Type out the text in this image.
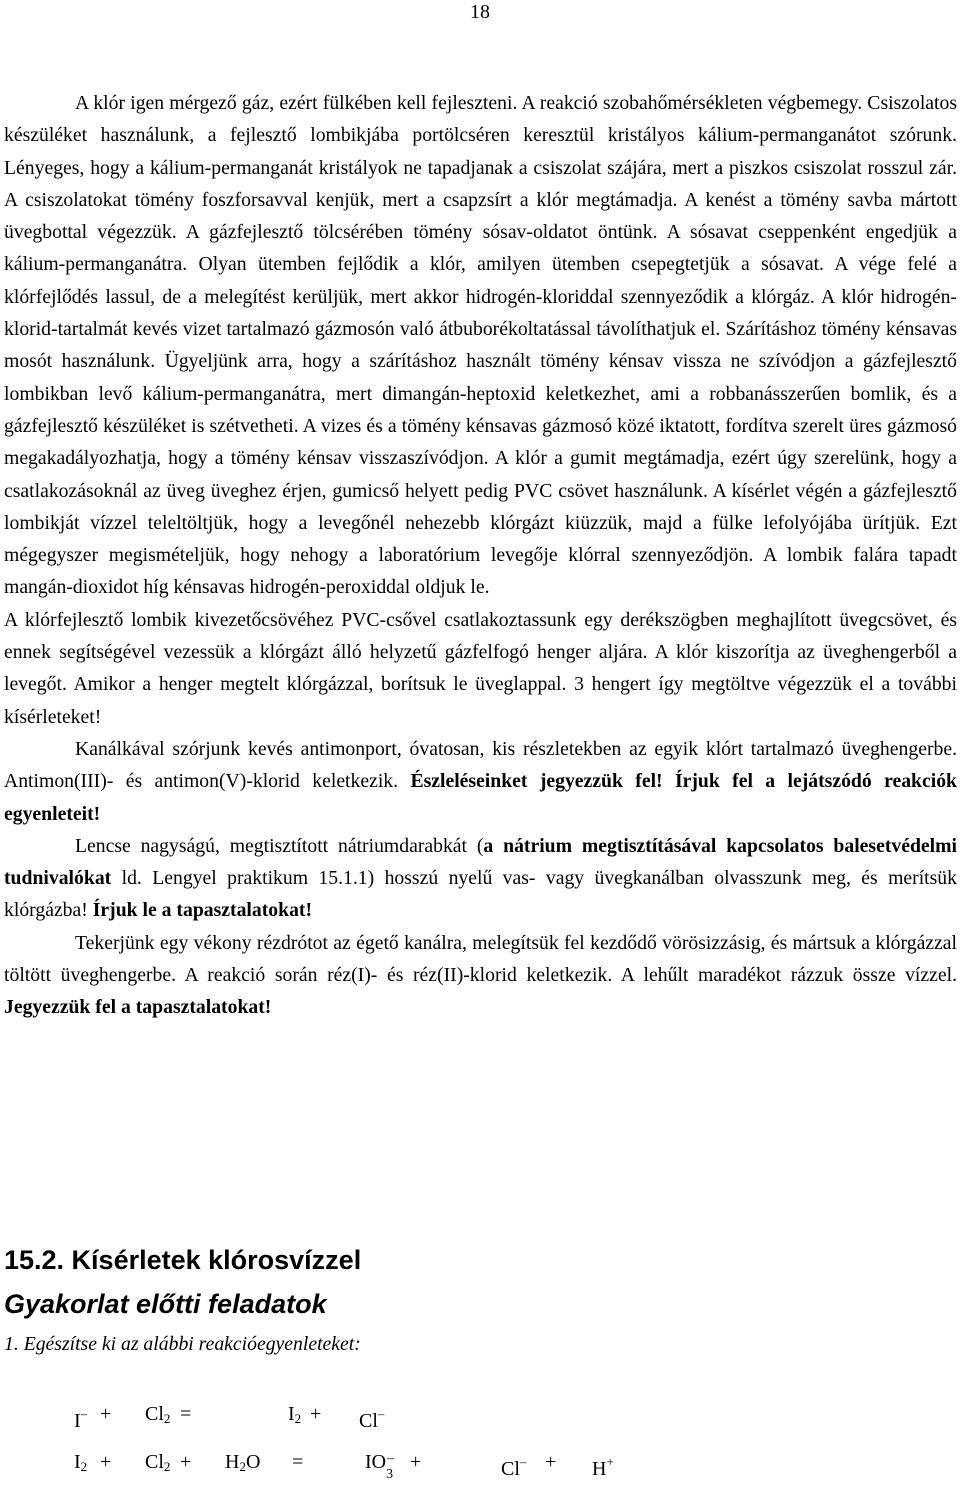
18

A klór igen mérgező gáz, ezért fülkében kell fejleszteni. A reakció szobahőmérsékleten végbemegy. Csiszolatos készüléket használunk, a fejlesztő lombikjába portölcséren keresztül kristályos kálium-permanganátot szórunk. Lényeges, hogy a kálium-permanganát kristályok ne tapadjanak a csiszolat szájára, mert a piszkos csiszolat rosszul zár. A csiszolatokat tömény foszforsavval kenjük, mert a csapzsírt a klór megtámadja. A kenést a tömény savba mártott üvegbottal végezzük. A gázfejlesztő tölcsérében tömény sósav-oldatot öntünk. A sósavat cseppenként engedjük a kálium-permanganátra. Olyan ütemben fejlődik a klór, amilyen ütemben csepegtetjük a sósavat. A vége felé a klórfejlődés lassul, de a melegítést kerüljük, mert akkor hidrogén-kloriddal szennyeződik a klórgáz. A klór hidrogén-klorid-tartalmát kevés vizet tartalmazó gázmosón való átbuborékoltatással távolíthatjuk el. Szárításhoz tömény kénsavas mosót használunk. Ügyeljünk arra, hogy a szárításhoz használt tömény kénsav vissza ne szívódjon a gázfejlesztő lombikban levő kálium-permanganátra, mert dimangán-heptoxid keletkezhet, ami a robbanásszerűen bomlik, és a gázfejlesztő készüléket is szétvetheti. A vizes és a tömény kénsavas gázmosó közé iktatott, fordítva szerelt üres gázmosó megakadályozhatja, hogy a tömény kénsav visszaszívódjon. A klór a gumit megtámadja, ezért úgy szerelünk, hogy a csatlakozásoknál az üveg üveghez érjen, gumicső helyett pedig PVC csövet használunk. A kísérlet végén a gázfejlesztő lombikját vízzel teleltöltjük, hogy a levegőnél nehezebb klórgázt kiüzzük, majd a fülke lefolyójába ürítjük. Ezt mégegyszer megismételjük, hogy nehogy a laboratórium levegője klórral szennyeződjön. A lombik falára tapadt mangán-dioxidot híg kénsavas hidrogén-peroxiddal oldjuk le.

A klórfejlesztő lombik kivezetőcsövéhez PVC-csővel csatlakoztassunk egy derékszögben meghajlított üvegcsövet, és ennek segítségével vezessük a klórgázt álló helyzetű gázfelfogó henger aljára. A klór kiszorítja az üveghengerből a levegőt. Amikor a henger megtelt klórgázzal, borítsuk le üveglappal. 3 hengert így megtöltve végezzük el a további kísérleteket!

Kanálkával szórjunk kevés antimonport, óvatosan, kis részletekben az egyik klórt tartalmazó üveghengerbe. Antimon(III)- és antimon(V)-klorid keletkezik. Észleléseinket jegyezzük fel! Írjuk fel a lejátszódó reakciók egyenleteit!

Lencse nagyságú, megtisztított nátriumdarabkát (a nátrium megtisztításával kapcsolatos balesetvédelmi tudnivalókat ld. Lengyel praktikum 15.1.1) hosszú nyelű vas- vagy üvegkanálban olvasszunk meg, és merítsük klórgázba! Írjuk le a tapasztalatokat!

Tekerjünk egy vékony rézdrótot az égető kanálra, melegítsük fel kezdődő vörösizzásig, és mártsuk a klórgázzal töltött üveghengerbe. A reakció során réz(I)- és réz(II)-klorid keletkezik. A lehűlt maradékot rázzuk össze vízzel. Jegyezzük fel a tapasztalatokat!

15.2. Kísérletek klórosvízzel
Gyakorlat előtti feladatok
1. Egészítse ki az alábbi reakcióegyenleteket:
$I^- + Cl_2$ =	$I_2 + Cl^-$
$I_2 + Cl_2 + H_2O$ =	IO –
3
+	Cl– + H+
